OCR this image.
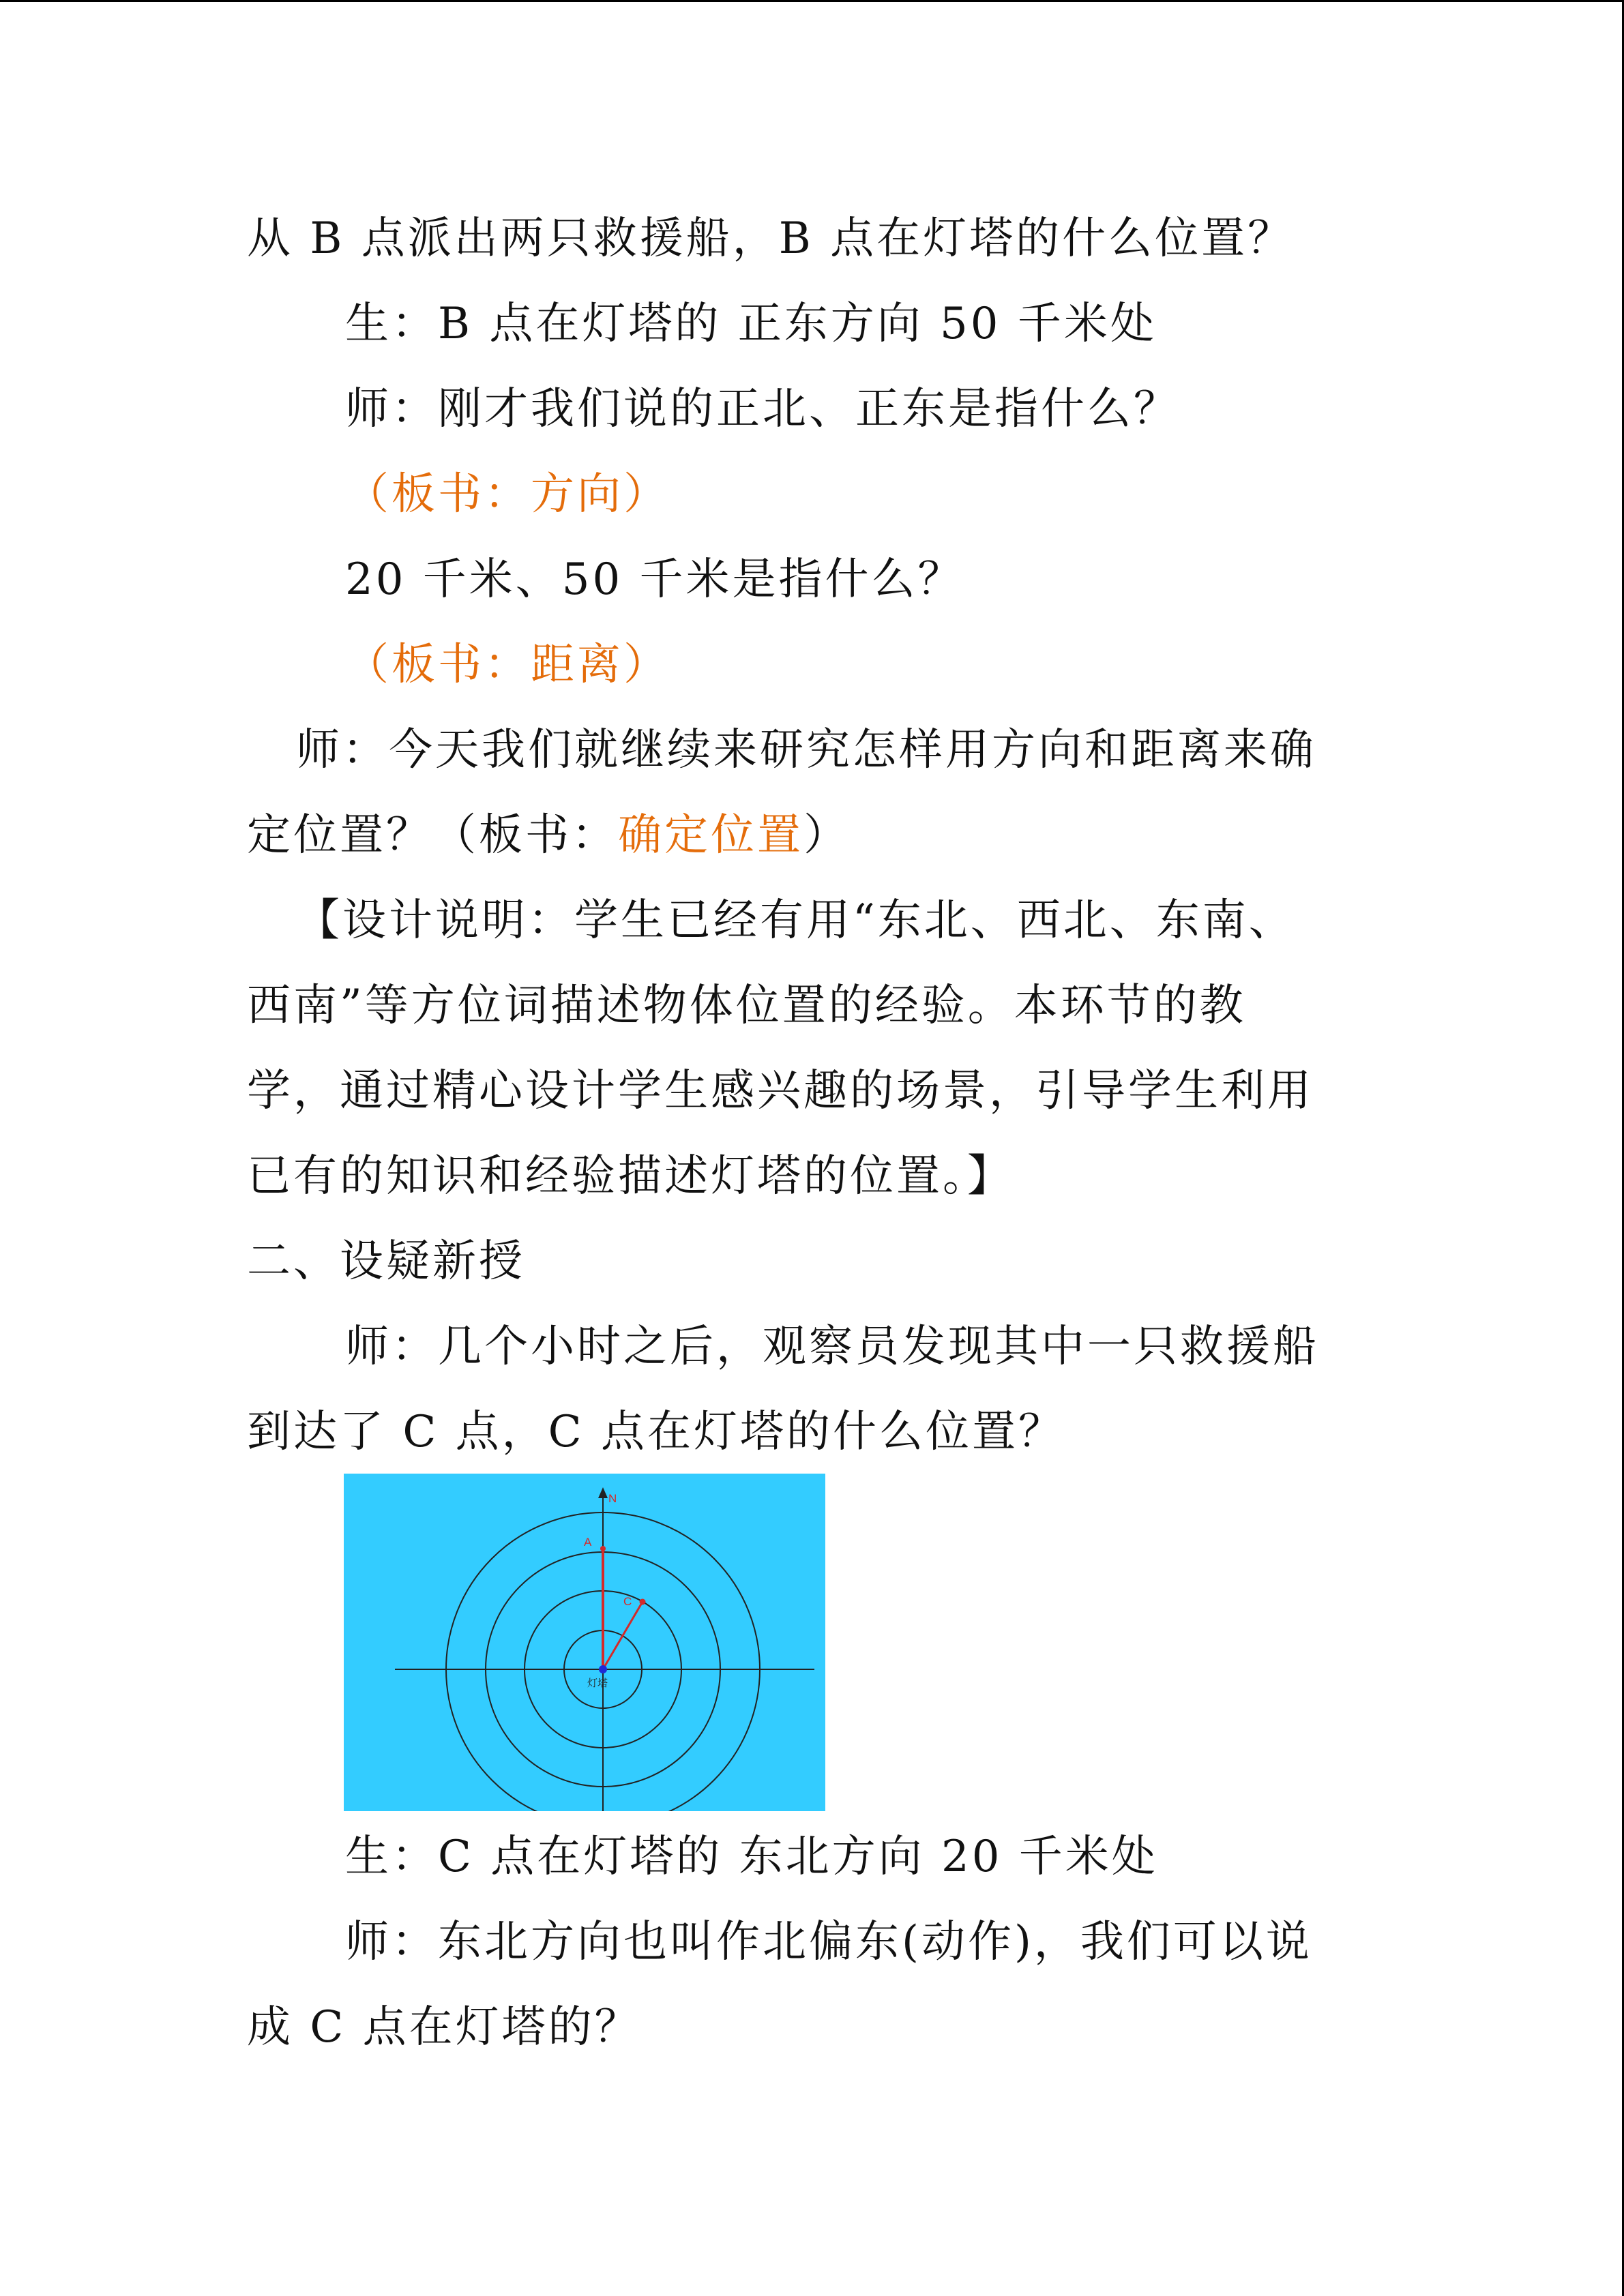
从 B 点派出两只救援船，B 点在灯塔的什么位置？
生：B 点在灯塔的 正东方向 50 千米处
师：刚才我们说的正北、正东是指什么？
（板书：方向）
20 千米、50 千米是指什么？
（板书：距离）
师：今天我们就继续来研究怎样用方向和距离来确
定位置？（板书：确定位置）
【设计说明：学生已经有用“东北、西北、东南、
西南”等方位词描述物体位置的经验。本环节的教
学，通过精心设计学生感兴趣的场景，引导学生利用
已有的知识和经验描述灯塔的位置。】
二、设疑新授
师：几个小时之后，观察员发现其中一只救援船
到达了 C 点，C 点在灯塔的什么位置？
N
A
C
灯塔
生：C 点在灯塔的 东北方向 20 千米处
师：东北方向也叫作北偏东(动作)，我们可以说
成 C 点在灯塔的？
